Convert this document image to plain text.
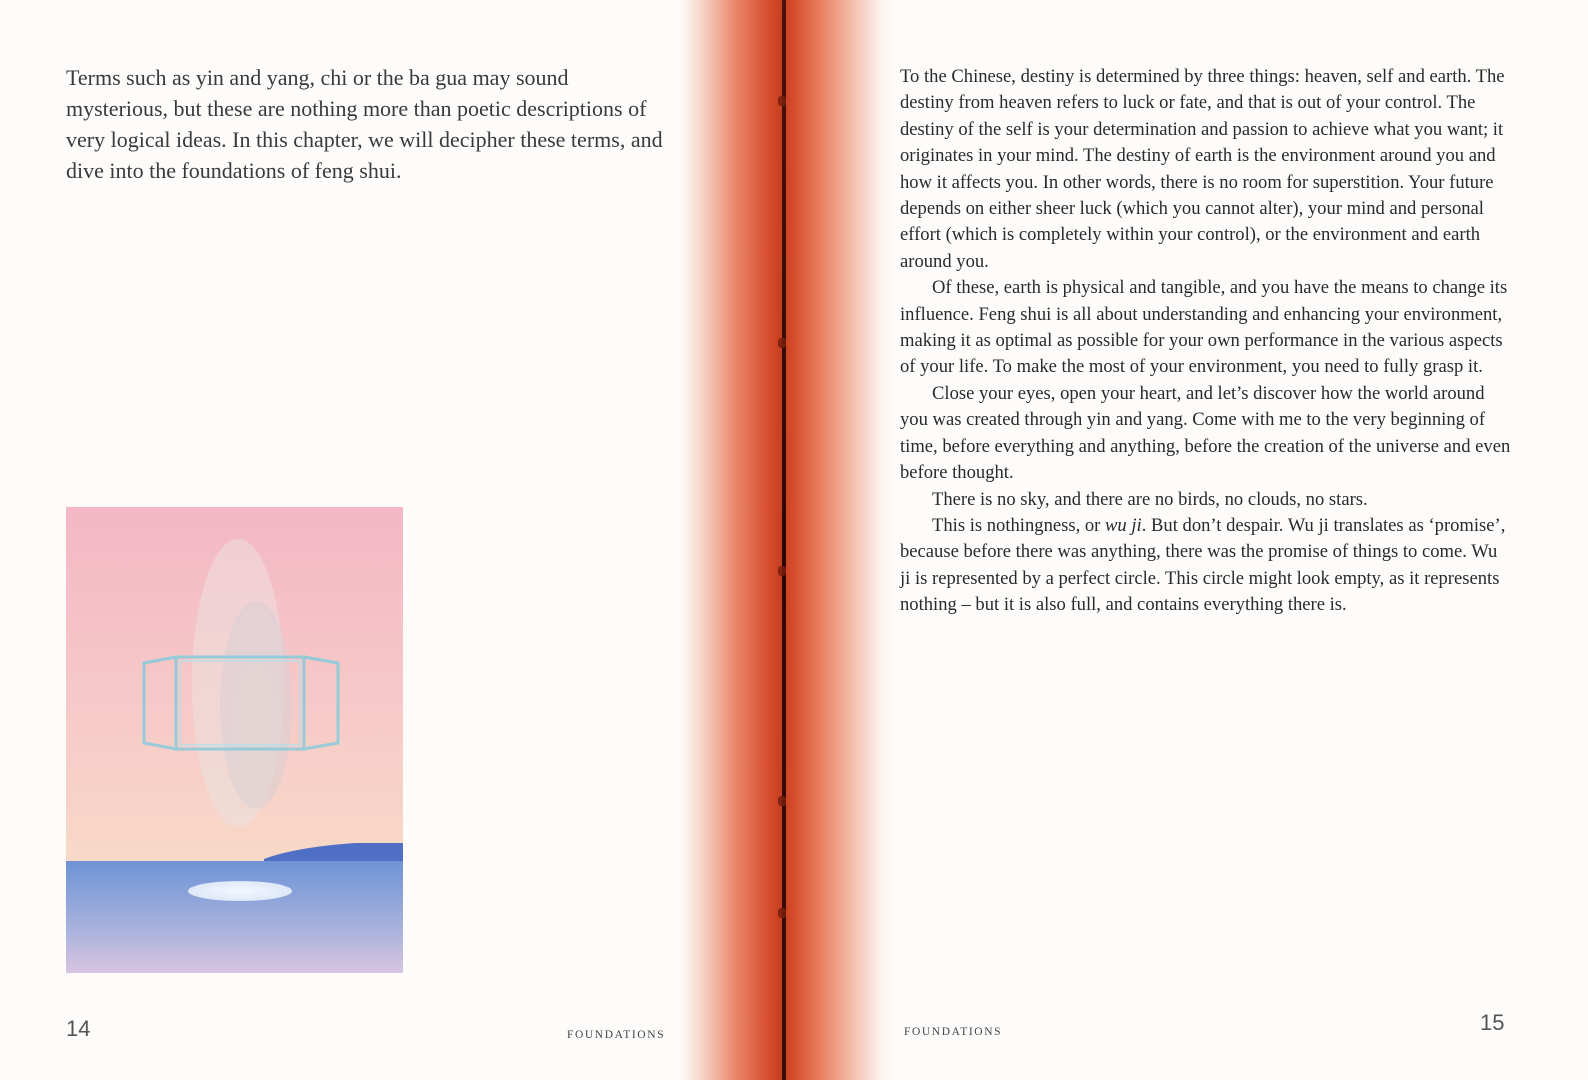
Terms such as yin and yang, chi or the ba gua may sound mysterious, but these are nothing more than poetic descriptions of very logical ideas. In this chapter, we will decipher these terms, and dive into the foundations of feng shui.

14	FOUNDATIONS

To the Chinese, destiny is determined by three things: heaven, self and earth. The destiny from heaven refers to luck or fate, and that is out of your control. The destiny of the self is your determination and passion to achieve what you want; it originates in your mind. The destiny of earth is the environment around you and how it affects you. In other words, there is no room for superstition. Your future depends on either sheer luck (which you cannot alter), your mind and personal effort (which is completely within your control), or the environment and earth around you.

Of these, earth is physical and tangible, and you have the means to change its influence. Feng shui is all about understanding and enhancing your environment, making it as optimal as possible for your own performance in the various aspects of your life. To make the most of your environment, you need to fully grasp it.

Close your eyes, open your heart, and let’s discover how the world around you was created through yin and yang. Come with me to the very beginning of time, before everything and anything, before the creation of the universe and even before thought.

There is no sky, and there are no birds, no clouds, no stars.

This is nothingness, or wu ji. But don’t despair. Wu ji translates as ‘promise’, because before there was anything, there was the promise of things to come. Wu ji is represented by a perfect circle. This circle might look empty, as it represents nothing – but it is also full, and contains everything there is.

FOUNDATIONS	15
